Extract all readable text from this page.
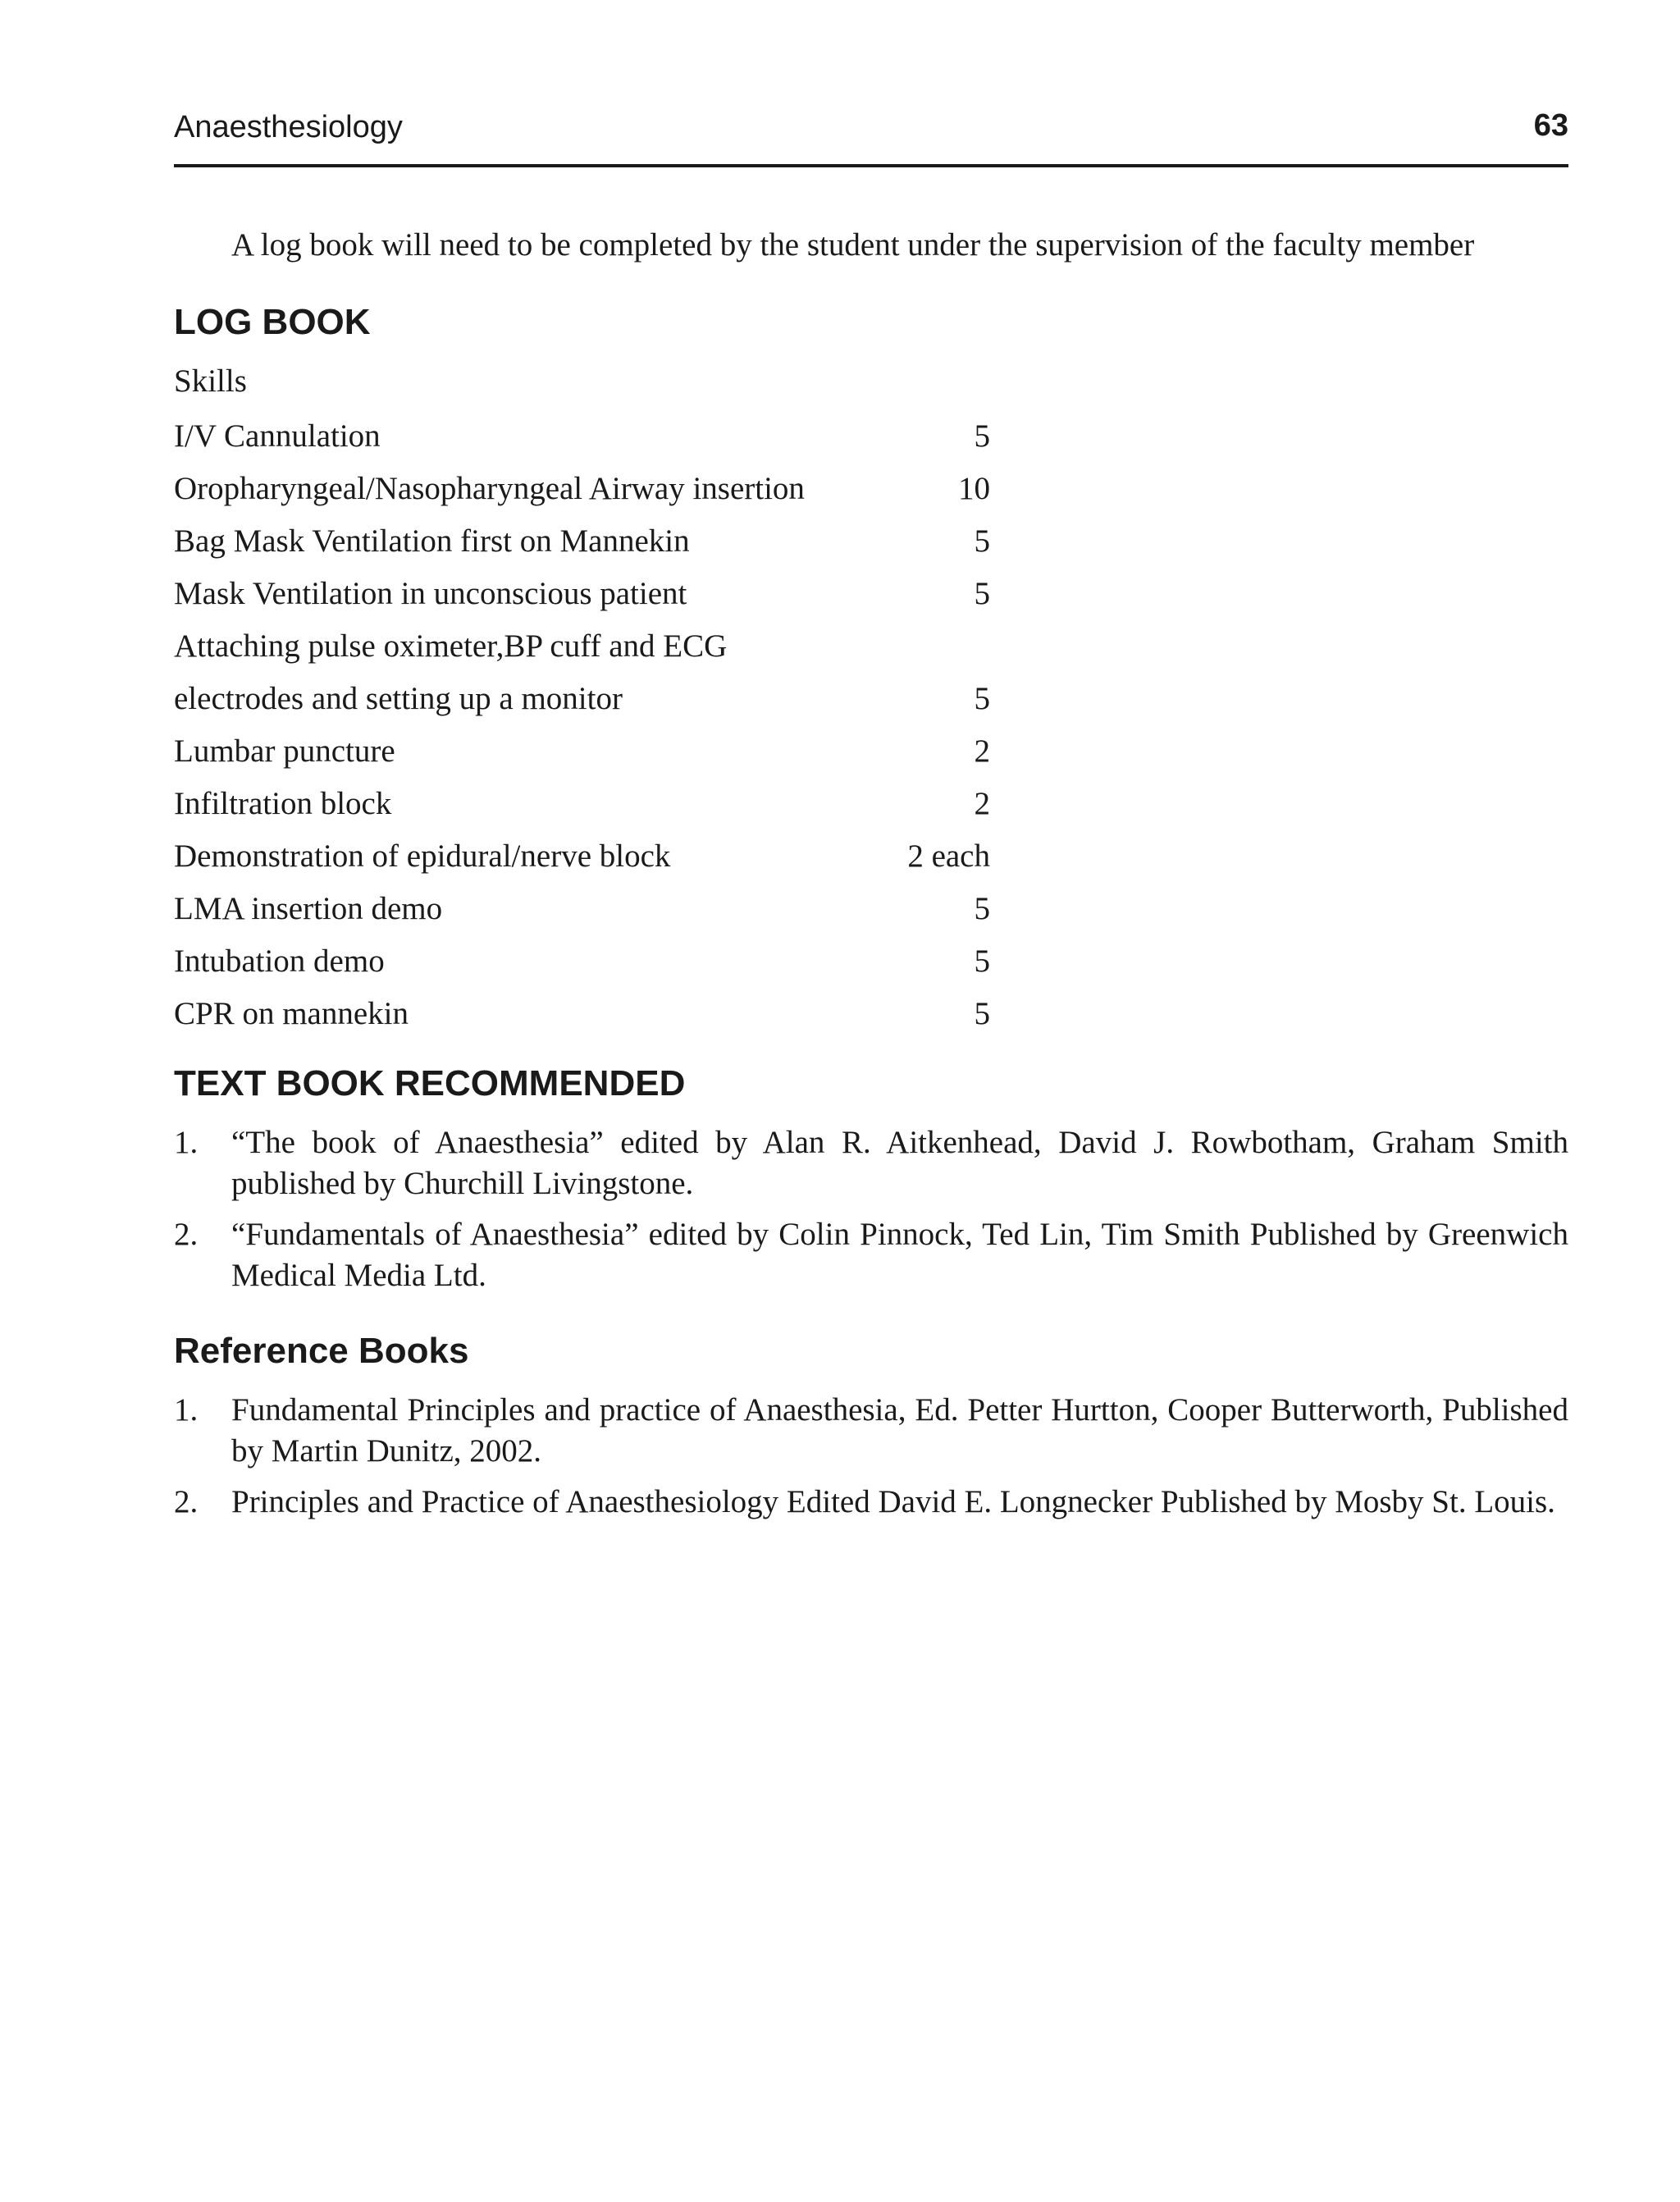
Anaesthesiology	63
A log book will need to be completed by the student under the supervision of the faculty member
LOG BOOK
Skills
I/V Cannulation	5
Oropharyngeal/Nasopharyngeal Airway insertion	10
Bag Mask Ventilation first on Mannekin	5
Mask Ventilation in unconscious patient	5
Attaching pulse oximeter,BP cuff and ECG
electrodes and setting up a monitor	5
Lumbar puncture	2
Infiltration block	2
Demonstration of epidural/nerve block	2 each
LMA insertion demo	5
Intubation demo	5
CPR on mannekin	5
TEXT BOOK RECOMMENDED
1. “The book of Anaesthesia” edited by Alan R. Aitkenhead, David J. Rowbotham, Graham Smith published by Churchill Livingstone.
2. “Fundamentals of Anaesthesia” edited by Colin Pinnock, Ted Lin, Tim Smith Published by Greenwich Medical Media Ltd.
Reference Books
1. Fundamental Principles and practice of Anaesthesia, Ed. Petter Hurtton, Cooper Butterworth, Published by Martin Dunitz, 2002.
2. Principles and Practice of Anaesthesiology Edited David E. Longnecker Published by Mosby St. Louis.
